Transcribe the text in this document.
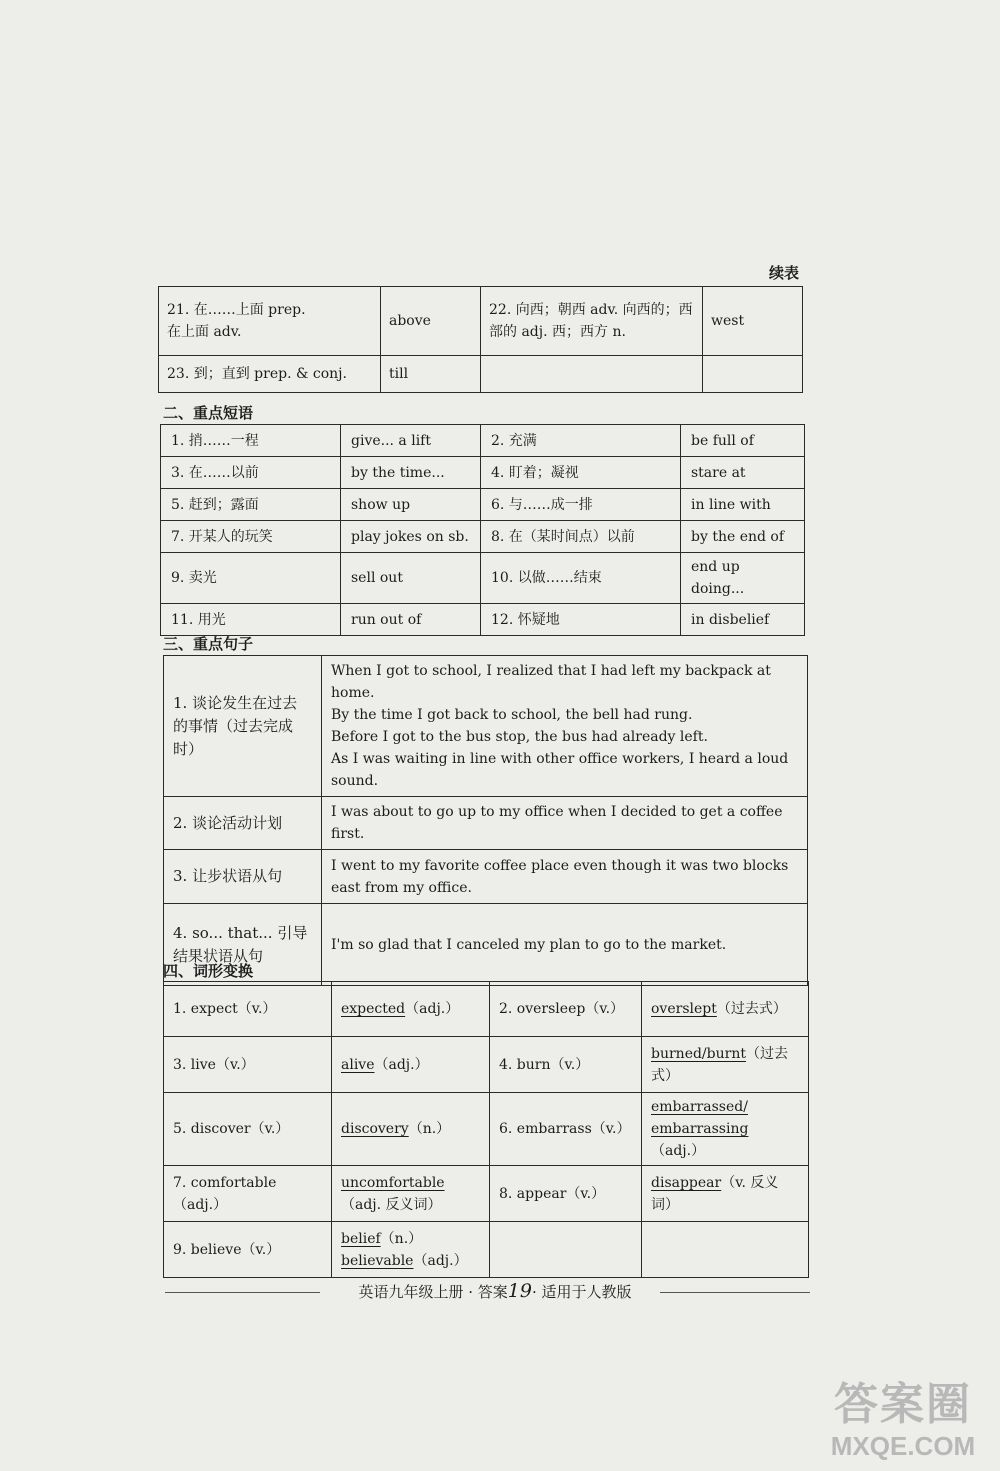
续表
21. 在……上面 prep.
在上面 adv.	above	22. 向西；朝西 adv. 向西的；西部的 adj. 西；西方 n.	west
23. 到；直到 prep. & conj.	till		
二、重点短语
1. 捎……一程	give... a lift	2. 充满	be full of
3. 在……以前	by the time...	4. 盯着；凝视	stare at
5. 赶到；露面	show up	6. 与……成一排	in line with
7. 开某人的玩笑	play jokes on sb.	8. 在（某时间点）以前	by the end of
9. 卖光	sell out	10. 以做……结束	end up doing...
11. 用光	run out of	12. 怀疑地	in disbelief
三、重点句子
1. 谈论发生在过去的事情（过去完成时）	When I got to school, I realized that I had left my backpack at home.
By the time I got back to school, the bell had rung.
Before I got to the bus stop, the bus had already left.
As I was waiting in line with other office workers, I heard a loud sound.
2. 谈论活动计划	I was about to go up to my office when I decided to get a coffee first.
3. 让步状语从句	I went to my favorite coffee place even though it was two blocks east from my office.
4. so... that... 引导结果状语从句	I'm so glad that I canceled my plan to go to the market.
四、词形变换
1. expect（v.）	expected（adj.）	2. oversleep（v.）	overslept（过去式）
3. live（v.）	alive（adj.）	4. burn（v.）	burned/burnt（过去式）
5. discover（v.）	discovery（n.）	6. embarrass（v.）	embarrassed/
embarrassing（adj.）
7. comfortable（adj.）	uncomfortable（adj. 反义词）	8. appear（v.）	disappear（v. 反义词）
9. believe（v.）	belief（n.）
believable（adj.）		
英语九年级上册 · 答案19· 适用于人教版
答案圈
MXQE.COM
